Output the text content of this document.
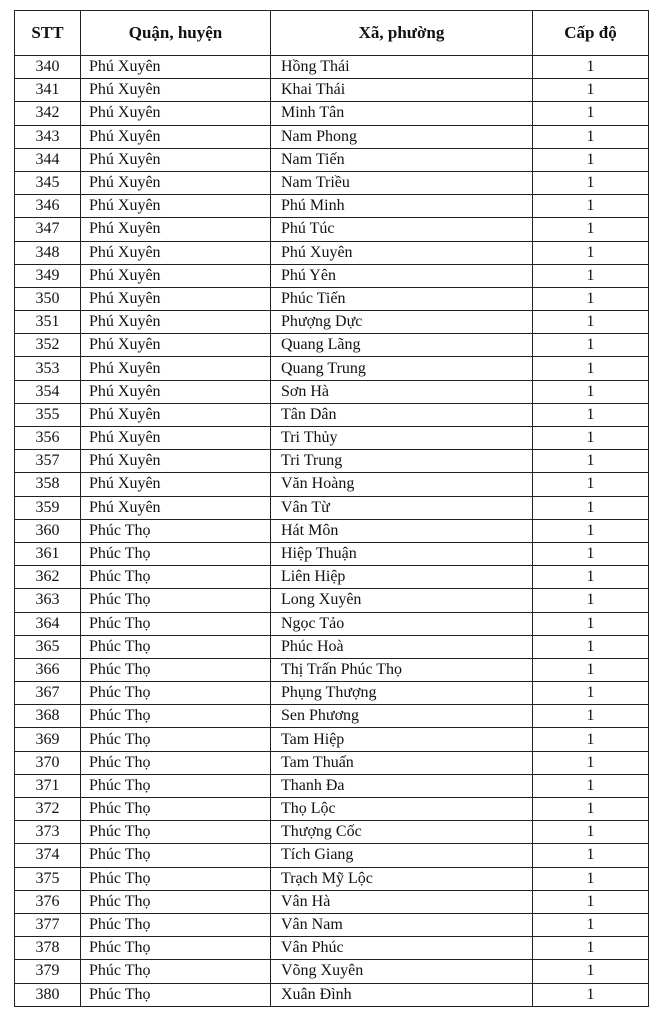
STT	Quận, huyện	Xã, phường	Cấp độ
340	Phú Xuyên	Hồng Thái	1
341	Phú Xuyên	Khai Thái	1
342	Phú Xuyên	Minh Tân	1
343	Phú Xuyên	Nam Phong	1
344	Phú Xuyên	Nam Tiến	1
345	Phú Xuyên	Nam Triều	1
346	Phú Xuyên	Phú Minh	1
347	Phú Xuyên	Phú Túc	1
348	Phú Xuyên	Phú Xuyên	1
349	Phú Xuyên	Phú Yên	1
350	Phú Xuyên	Phúc Tiến	1
351	Phú Xuyên	Phượng Dực	1
352	Phú Xuyên	Quang Lãng	1
353	Phú Xuyên	Quang Trung	1
354	Phú Xuyên	Sơn Hà	1
355	Phú Xuyên	Tân Dân	1
356	Phú Xuyên	Tri Thủy	1
357	Phú Xuyên	Tri Trung	1
358	Phú Xuyên	Văn Hoàng	1
359	Phú Xuyên	Vân Từ	1
360	Phúc Thọ	Hát Môn	1
361	Phúc Thọ	Hiệp Thuận	1
362	Phúc Thọ	Liên Hiệp	1
363	Phúc Thọ	Long Xuyên	1
364	Phúc Thọ	Ngọc Tảo	1
365	Phúc Thọ	Phúc Hoà	1
366	Phúc Thọ	Thị Trấn Phúc Thọ	1
367	Phúc Thọ	Phụng Thượng	1
368	Phúc Thọ	Sen Phương	1
369	Phúc Thọ	Tam Hiệp	1
370	Phúc Thọ	Tam Thuấn	1
371	Phúc Thọ	Thanh Đa	1
372	Phúc Thọ	Thọ Lộc	1
373	Phúc Thọ	Thượng Cốc	1
374	Phúc Thọ	Tích Giang	1
375	Phúc Thọ	Trạch Mỹ Lộc	1
376	Phúc Thọ	Vân Hà	1
377	Phúc Thọ	Vân Nam	1
378	Phúc Thọ	Vân Phúc	1
379	Phúc Thọ	Võng Xuyên	1
380	Phúc Thọ	Xuân Đình	1
